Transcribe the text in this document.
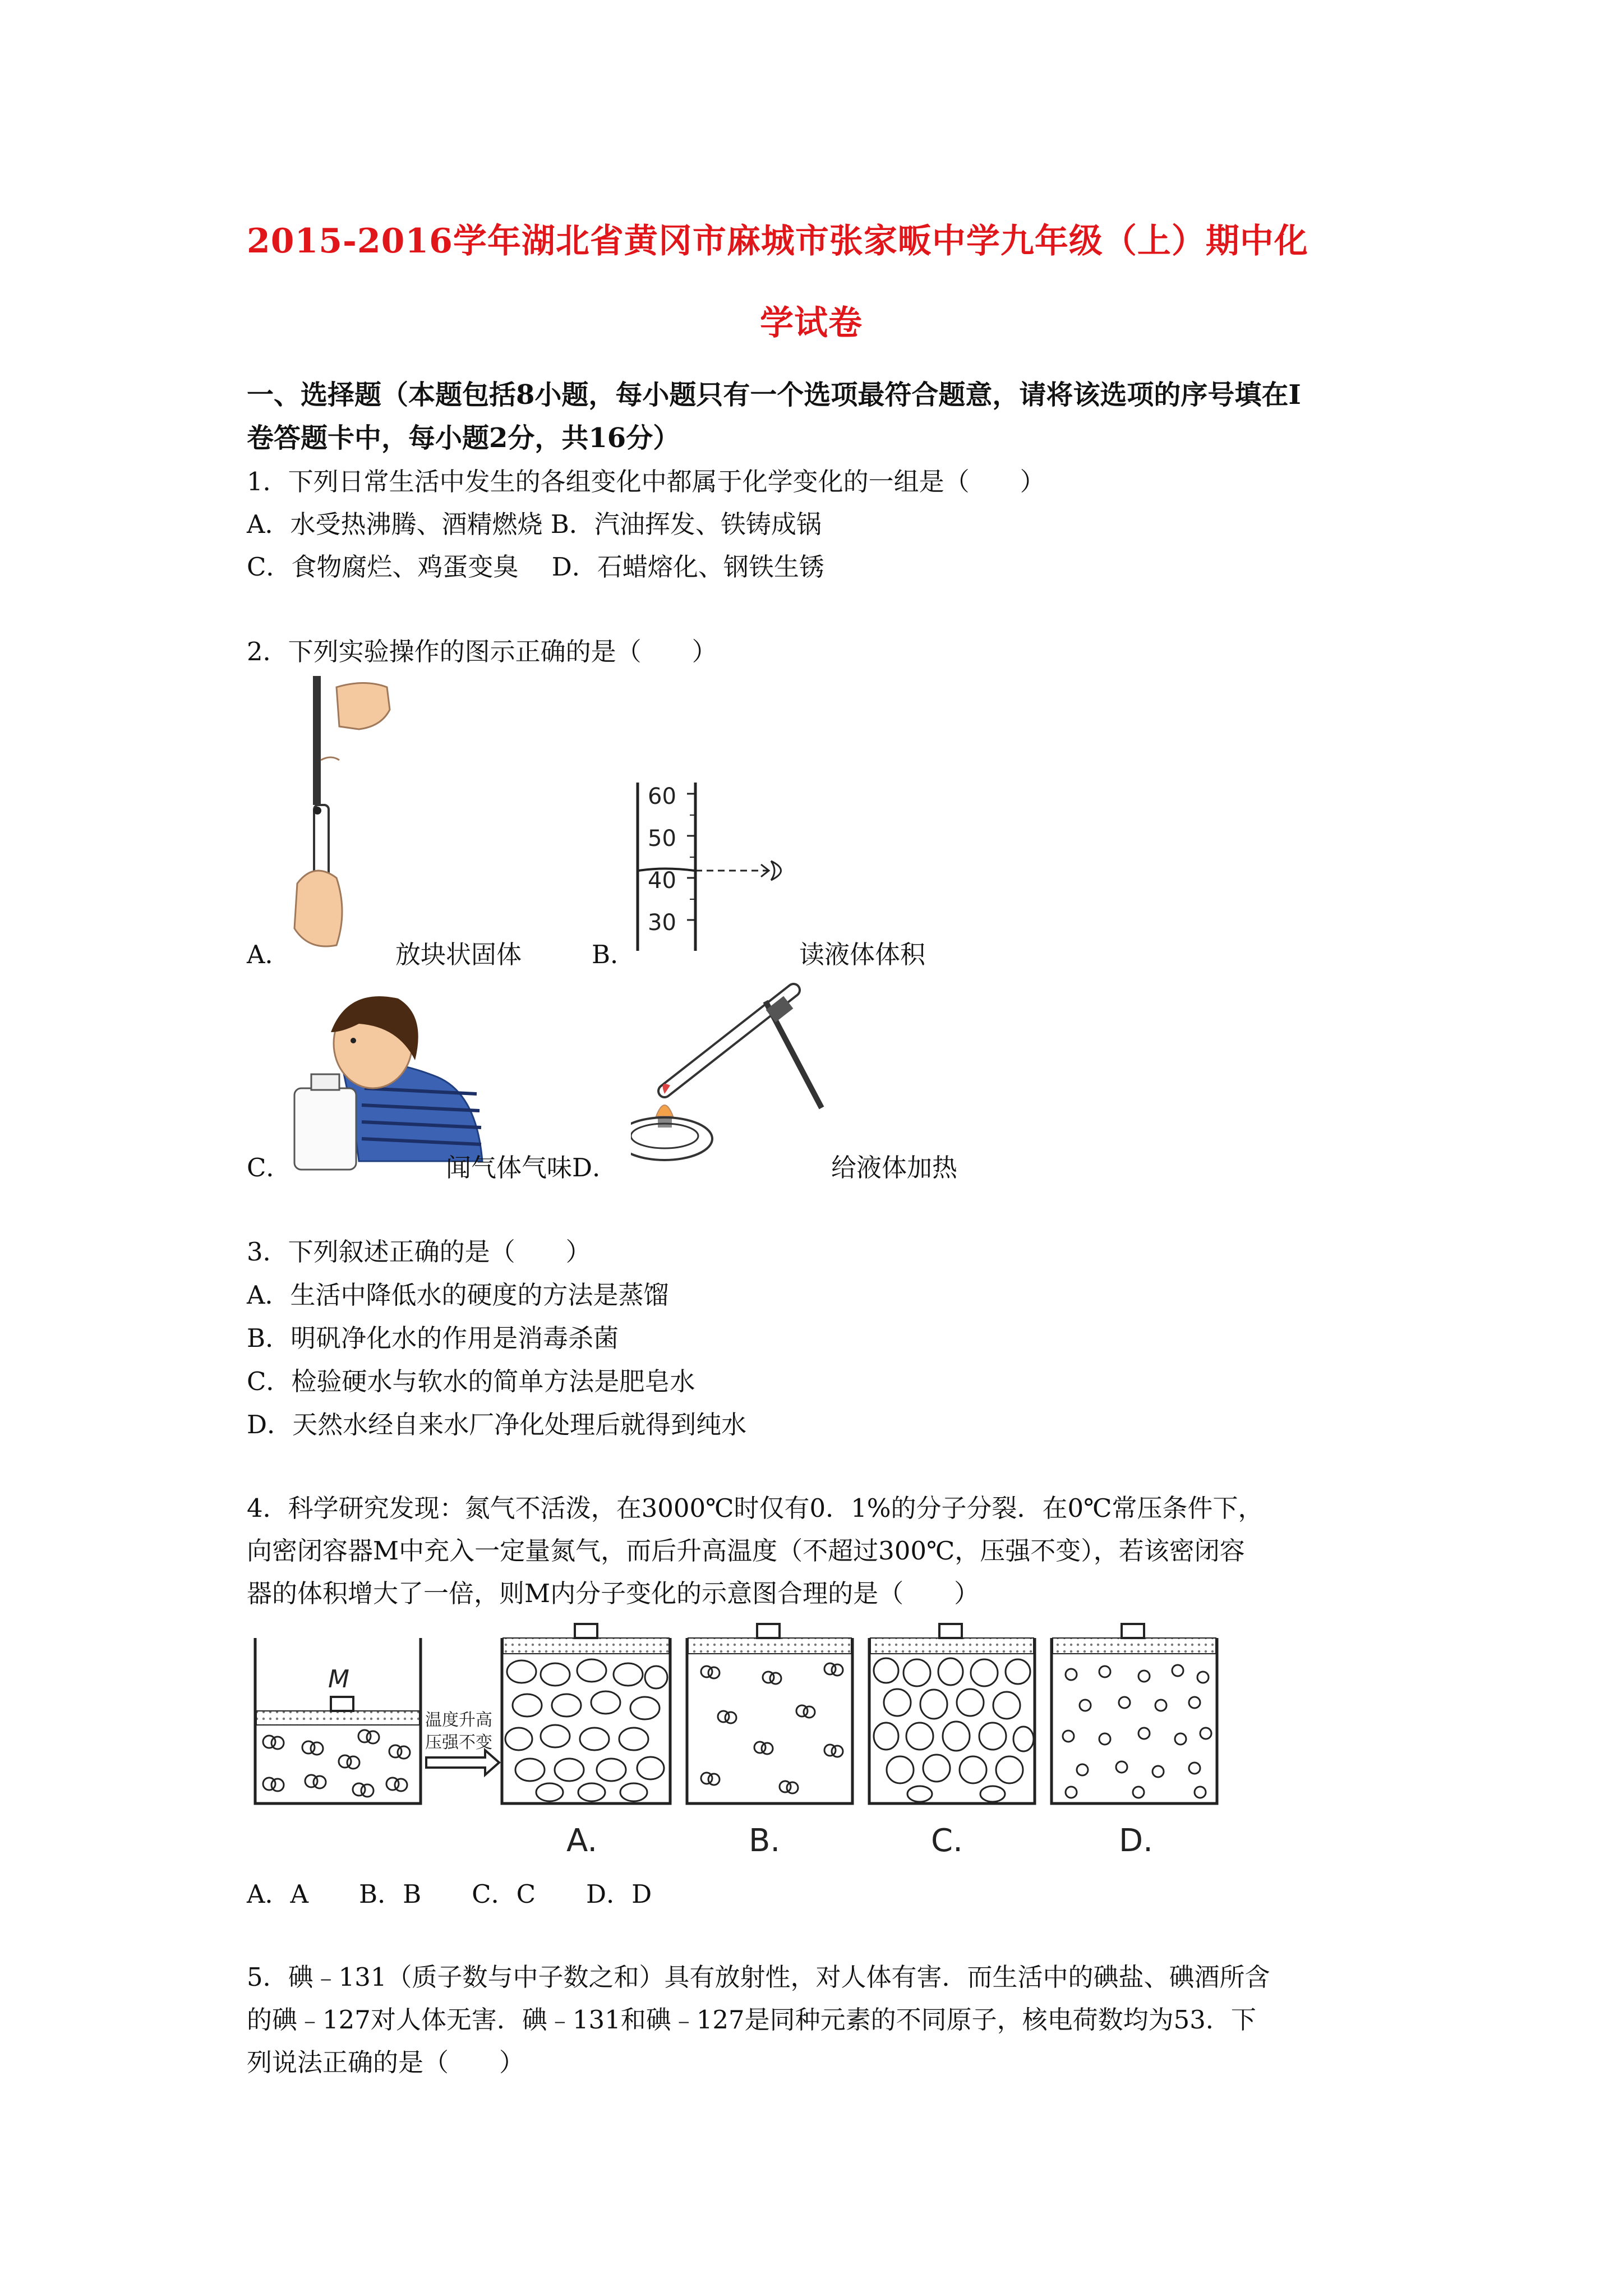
2015-2016学年湖北省黄冈市麻城市张家畈中学九年级（上）期中化
学试卷
一、选择题（本题包括8小题，每小题只有一个选项最符合题意，请将该选项的序号填在Ⅰ
卷答题卡中，每小题2分，共16分）
1．下列日常生活中发生的各组变化中都属于化学变化的一组是（　　）
A．水受热沸腾、酒精燃烧 B．汽油挥发、铁铸成锅
C．食物腐烂、鸡蛋变臭　 D．石蜡熔化、钢铁生锈
2．下列实验操作的图示正确的是（　　）
A．	放块状固体
60
50
40
30
B．	读液体体积
C．	闻气体气味D．	给液体加热
3．下列叙述正确的是（　　）
A．生活中降低水的硬度的方法是蒸馏
B．明矾净化水的作用是消毒杀菌
C．检验硬水与软水的简单方法是肥皂水
D．天然水经自来水厂净化处理后就得到纯水
4．科学研究发现：氮气不活泼，在3000℃时仅有0．1%的分子分裂．在0℃常压条件下，
向密闭容器M中充入一定量氮气，而后升高温度（不超过300℃，压强不变），若该密闭容
器的体积增大了一倍，则M内分子变化的示意图合理的是（　　）
M
温度升高
压强不变
A.	B.	C.	D.
A．A　　B．B　　C．C　　D．D
5．碘﹣131（质子数与中子数之和）具有放射性，对人体有害．而生活中的碘盐、碘酒所含
的碘﹣127对人体无害．碘﹣131和碘﹣127是同种元素的不同原子，核电荷数均为53．下
列说法正确的是（　　）
